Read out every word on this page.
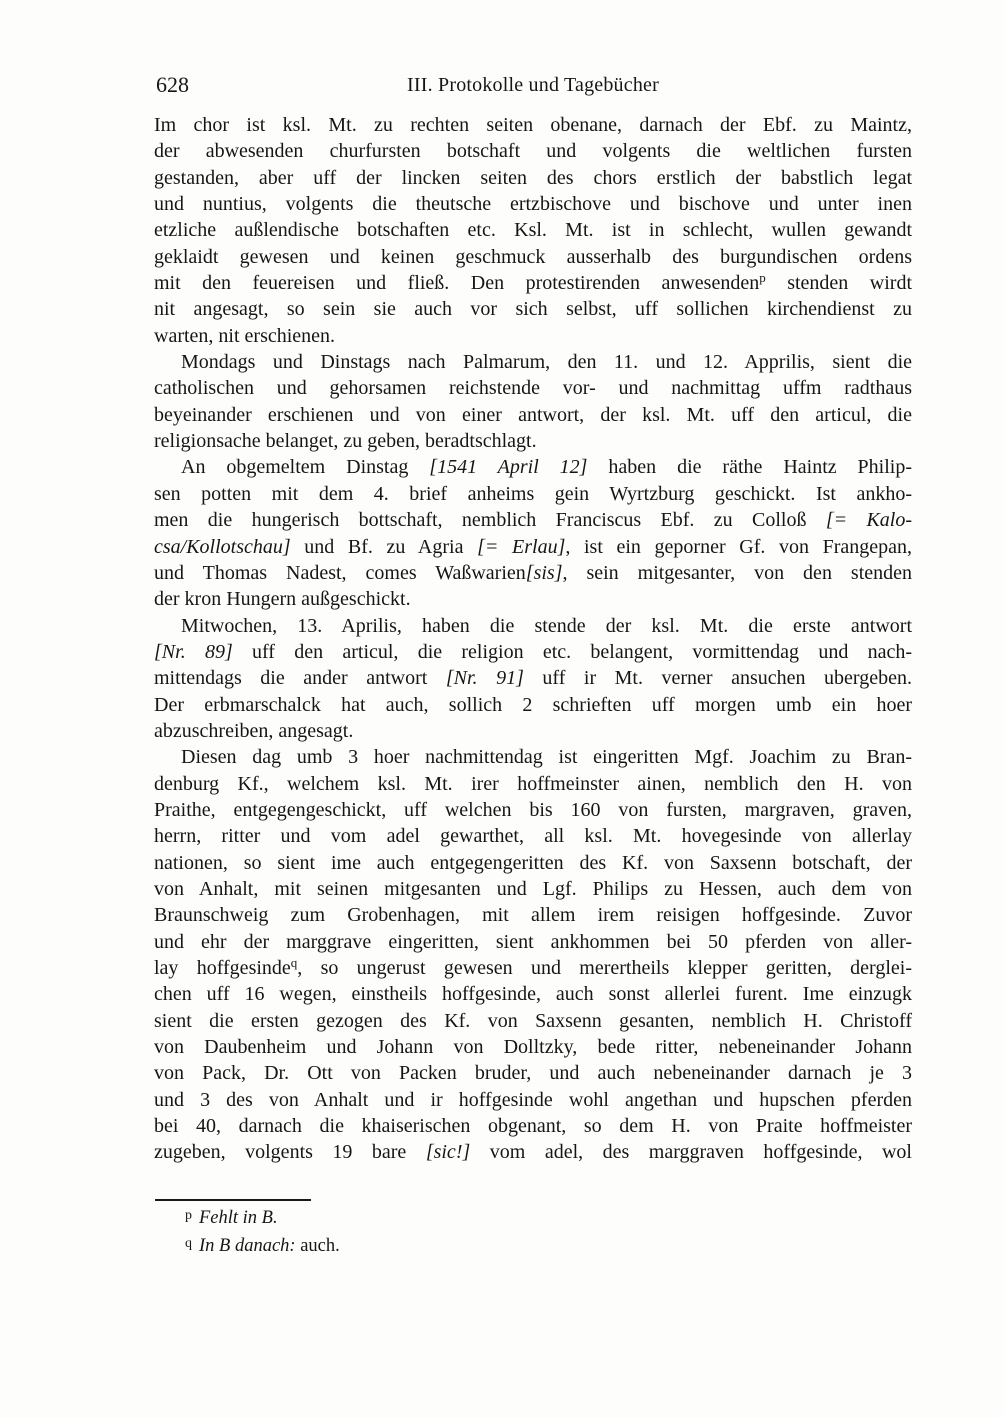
628	III. Protokolle und Tagebücher
Im chor ist ksl. Mt. zu rechten seiten obenane, darnach der Ebf. zu Maintz,
der abwesenden churfursten botschaft und volgents die weltlichen fursten
gestanden, aber uff der lincken seiten des chors erstlich der babstlich legat
und nuntius, volgents die theutsche ertzbischove und bischove und unter inen
etzliche außlendische botschaften etc. Ksl. Mt. ist in schlecht, wullen gewandt
geklaidt gewesen und keinen geschmuck ausserhalb des burgundischen ordens
mit den feuereisen und fließ. Den protestirenden anwesenden$^p$ stenden wirdt
nit angesagt, so sein sie auch vor sich selbst, uff sollichen kirchendienst zu
warten, nit erschienen.
Mondags und Dinstags nach Palmarum, den 11. und 12. Apprilis, sient die
catholischen und gehorsamen reichstende vor- und nachmittag uffm radthaus
beyeinander erschienen und von einer antwort, der ksl. Mt. uff den articul, die
religionsache belanget, zu geben, beradtschlagt.
An obgemeltem Dinstag [1541 April 12] haben die räthe Haintz Philip-
sen potten mit dem 4. brief anheims gein Wyrtzburg geschickt. Ist ankho-
men die hungerisch bottschaft, nemblich Franciscus Ebf. zu Colloß [= Kalo-
csa/Kollotschau] und Bf. zu Agria [= Erlau], ist ein geporner Gf. von Frangepan,
und Thomas Nadest, comes Waßwarien[sis], sein mitgesanter, von den stenden
der kron Hungern außgeschickt.
Mitwochen, 13. Aprilis, haben die stende der ksl. Mt. die erste antwort
[Nr. 89] uff den articul, die religion etc. belangent, vormittendag und nach-
mittendags die ander antwort [Nr. 91] uff ir Mt. verner ansuchen ubergeben.
Der erbmarschalck hat auch, sollich 2 schrieften uff morgen umb ein hoer
abzuschreiben, angesagt.
Diesen dag umb 3 hoer nachmittendag ist eingeritten Mgf. Joachim zu Bran-
denburg Kf., welchem ksl. Mt. irer hoffmeinster ainen, nemblich den H. von
Praithe, entgegengeschickt, uff welchen bis 160 von fursten, margraven, graven,
herrn, ritter und vom adel gewarthet, all ksl. Mt. hovegesinde von allerlay
nationen, so sient ime auch entgegengeritten des Kf. von Saxsenn botschaft, der
von Anhalt, mit seinen mitgesanten und Lgf. Philips zu Hessen, auch dem von
Braunschweig zum Grobenhagen, mit allem irem reisigen hoffgesinde. Zuvor
und ehr der marggrave eingeritten, sient ankhommen bei 50 pferden von aller-
lay hoffgesinde$^q$, so ungerust gewesen und merertheils klepper geritten, derglei-
chen uff 16 wegen, einstheils hoffgesinde, auch sonst allerlei furent. Ime einzugk
sient die ersten gezogen des Kf. von Saxsenn gesanten, nemblich H. Christoff
von Daubenheim und Johann von Dolltzky, bede ritter, nebeneinander Johann
von Pack, Dr. Ott von Packen bruder, und auch nebeneinander darnach je 3
und 3 des von Anhalt und ir hoffgesinde wohl angethan und hupschen pferden
bei 40, darnach die khaiserischen obgenant, so dem H. von Praite hoffmeister
zugeben, volgents 19 bare [sic!] vom adel, des marggraven hoffgesinde, wol
$^p$ Fehlt in B.
$^q$ In B danach: auch.
